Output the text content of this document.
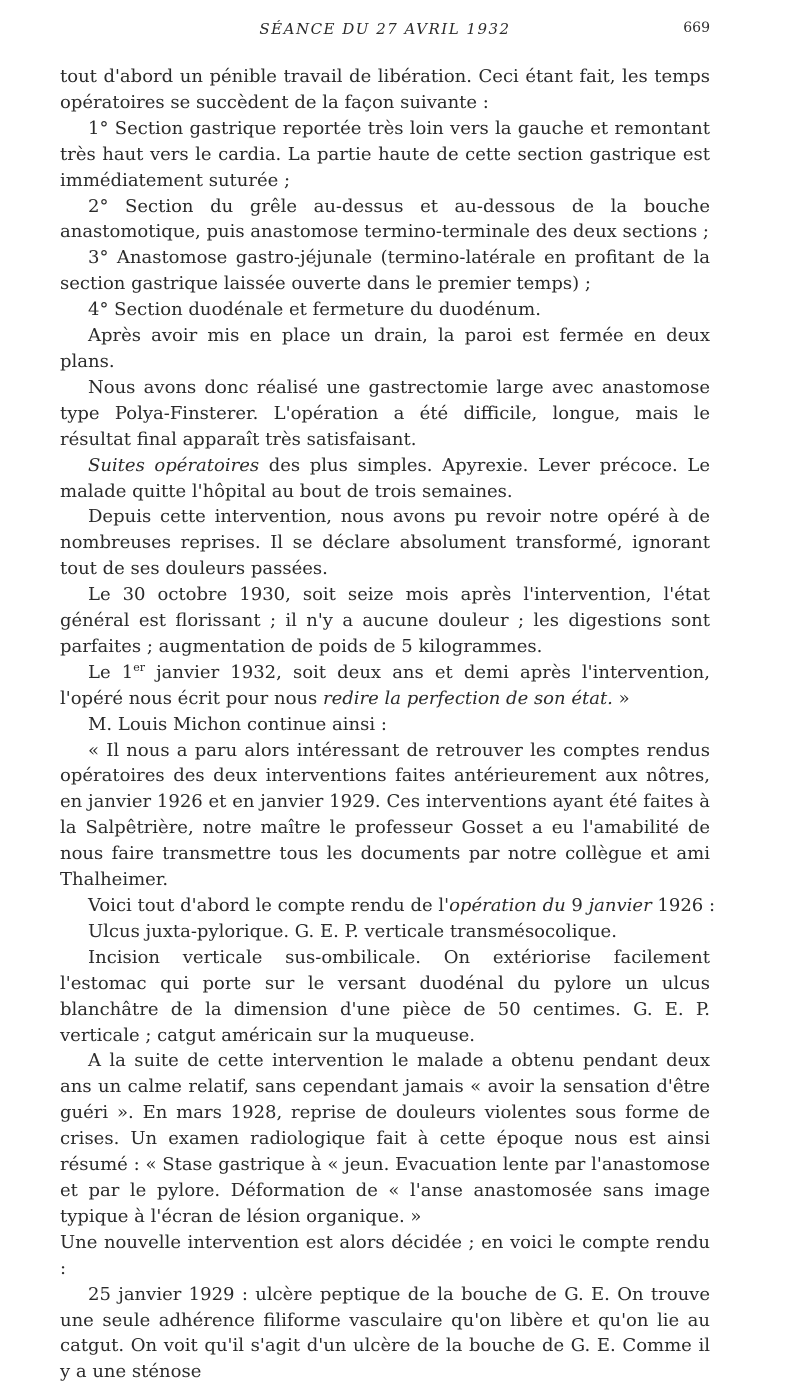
SÉANCE DU 27 AVRIL 1932	669

tout d'abord un pénible travail de libération. Ceci étant fait, les temps opératoires se succèdent de la façon suivante :

1° Section gastrique reportée très loin vers la gauche et remontant très haut vers le cardia. La partie haute de cette section gastrique est immédiatement suturée ;

2° Section du grêle au-dessus et au-dessous de la bouche anastomotique, puis anastomose termino-terminale des deux sections ;

3° Anastomose gastro-jéjunale (termino-latérale en profitant de la section gastrique laissée ouverte dans le premier temps) ;

4° Section duodénale et fermeture du duodénum.

Après avoir mis en place un drain, la paroi est fermée en deux plans.

Nous avons donc réalisé une gastrectomie large avec anastomose type Polya-Finsterer. L'opération a été difficile, longue, mais le résultat final apparaît très satisfaisant.

Suites opératoires des plus simples. Apyrexie. Lever précoce. Le malade quitte l'hôpital au bout de trois semaines.

Depuis cette intervention, nous avons pu revoir notre opéré à de nombreuses reprises. Il se déclare absolument transformé, ignorant tout de ses douleurs passées.

Le 30 octobre 1930, soit seize mois après l'intervention, l'état général est florissant ; il n'y a aucune douleur ; les digestions sont parfaites ; augmentation de poids de 5 kilogrammes.

Le 1er janvier 1932, soit deux ans et demi après l'intervention, l'opéré nous écrit pour nous redire la perfection de son état. »

M. Louis Michon continue ainsi :

« Il nous a paru alors intéressant de retrouver les comptes rendus opératoires des deux interventions faites antérieurement aux nôtres, en janvier 1926 et en janvier 1929. Ces interventions ayant été faites à la Salpêtrière, notre maître le professeur Gosset a eu l'amabilité de nous faire transmettre tous les documents par notre collègue et ami Thalheimer.

Voici tout d'abord le compte rendu de l'opération du 9 janvier 1926 :

Ulcus juxta-pylorique. G. E. P. verticale transmésocolique.

Incision verticale sus-ombilicale. On extériorise facilement l'estomac qui porte sur le versant duodénal du pylore un ulcus blanchâtre de la dimension d'une pièce de 50 centimes. G. E. P. verticale ; catgut américain sur la muqueuse.

A la suite de cette intervention le malade a obtenu pendant deux ans un calme relatif, sans cependant jamais « avoir la sensation d'être guéri ». En mars 1928, reprise de douleurs violentes sous forme de crises. Un examen radiologique fait à cette époque nous est ainsi résumé : « Stase gastrique à « jeun. Evacuation lente par l'anastomose et par le pylore. Déformation de « l'anse anastomosée sans image typique à l'écran de lésion organique. »

Une nouvelle intervention est alors décidée ; en voici le compte rendu :

25 janvier 1929 : ulcère peptique de la bouche de G. E. On trouve une seule adhérence filiforme vasculaire qu'on libère et qu'on lie au catgut. On voit qu'il s'agit d'un ulcère de la bouche de G. E. Comme il y a une sténose
